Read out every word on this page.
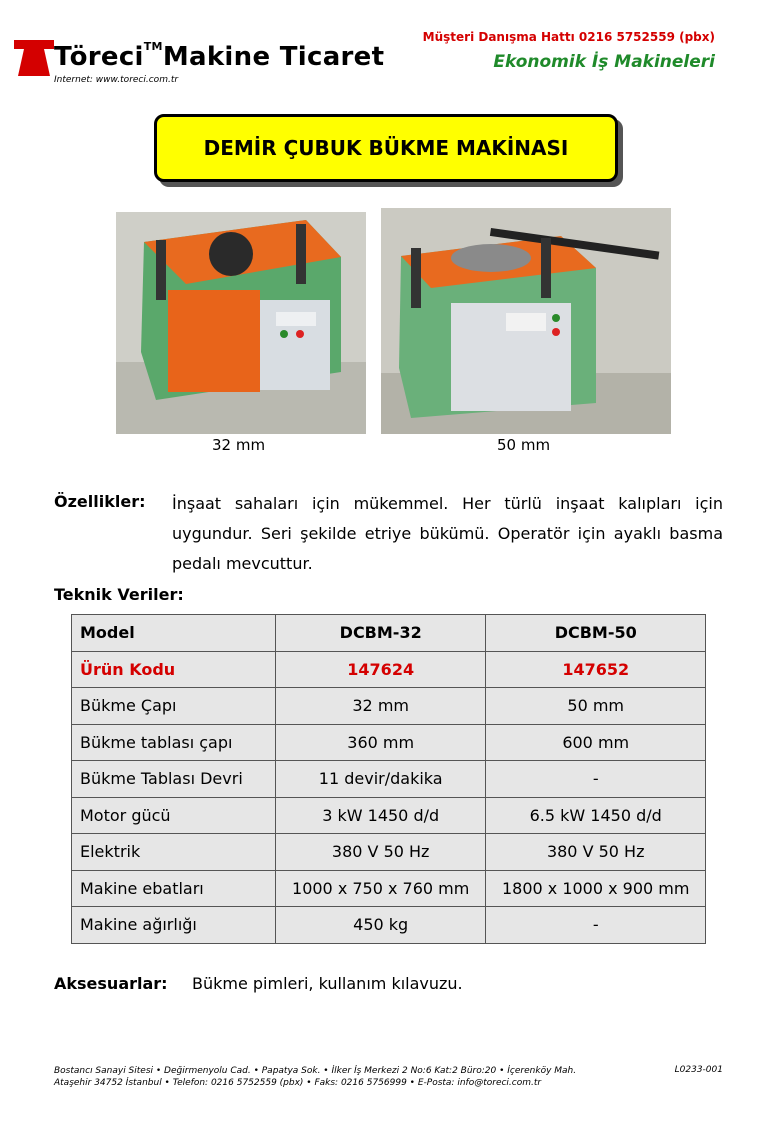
Töreci™Makine Ticaret
Internet: www.toreci.com.tr
Müşteri Danışma Hattı 0216 5752559 (pbx)
Ekonomik İş Makineleri
DEMİR ÇUBUK BÜKME MAKİNASI
32 mm	50 mm
Özellikler: İnşaat sahaları için mükemmel. Her türlü inşaat kalıpları için uygundur. Seri şekilde etriye bükümü. Operatör için ayaklı basma pedalı mevcuttur.
Teknik Veriler:
Model	DCBM-32	DCBM-50
Ürün Kodu	147624	147652
Bükme Çapı	32 mm	50 mm
Bükme tablası çapı	360 mm	600 mm
Bükme Tablası Devri	11 devir/dakika	-
Motor gücü	3 kW 1450 d/d	6.5 kW 1450 d/d
Elektrik	380 V 50 Hz	380 V 50 Hz
Makine ebatları	1000 x 750 x 760 mm	1800 x 1000 x 900 mm
Makine ağırlığı	450 kg	-
Aksesuarlar: Bükme pimleri, kullanım kılavuzu.
Bostancı Sanayi Sitesi • Değirmenyolu Cad. • Papatya Sok. • İlker İş Merkezi 2 No:6 Kat:2 Büro:20 • İçerenköy Mah.
Ataşehir 34752 İstanbul • Telefon: 0216 5752559 (pbx) • Faks: 0216 5756999 • E-Posta: info@toreci.com.tr
L0233-001
